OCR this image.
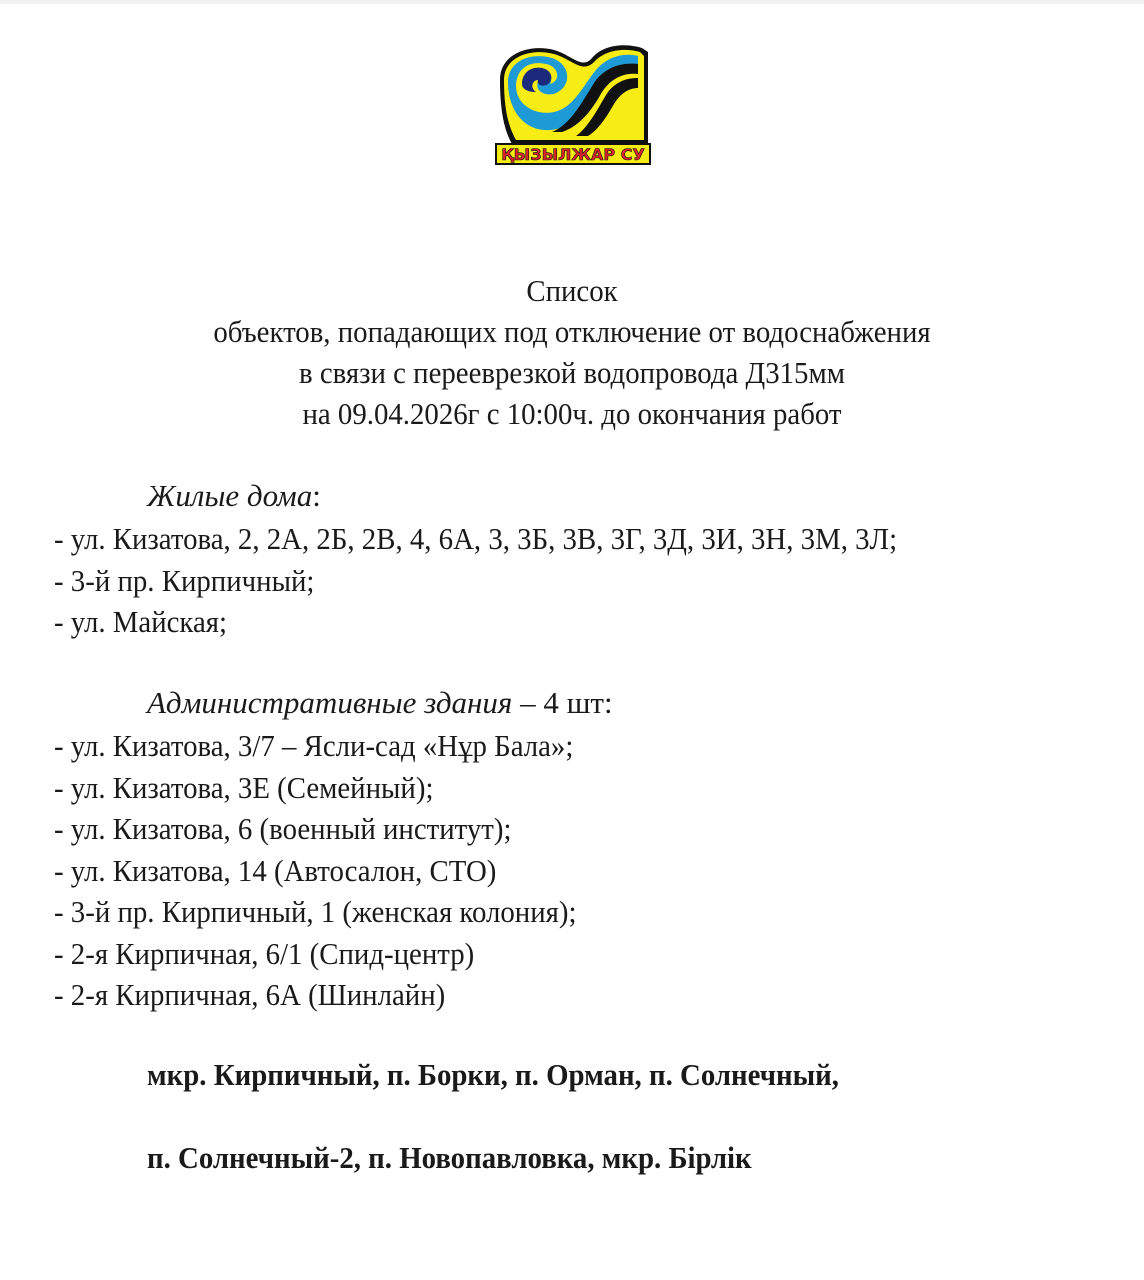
ҚЫЗЫЛЖАР СУ
Список
объектов, попадающих под отключение от водоснабжения
в связи с перееврезкой водопровода Д315мм
на 09.04.2026г с 10:00ч. до окончания работ
Жилые дома:
- ул. Кизатова, 2, 2А, 2Б, 2В, 4, 6А, 3, 3Б, 3В, 3Г, 3Д, 3И, 3Н, 3М, 3Л;
- 3-й пр. Кирпичный;
- ул. Майская;
Административные здания – 4 шт:
- ул. Кизатова, 3/7 – Ясли-сад «Нұр Бала»;
- ул. Кизатова, 3Е (Семейный);
- ул. Кизатова, 6 (военный институт);
- ул. Кизатова, 14 (Автосалон, СТО)
- 3-й пр. Кирпичный, 1 (женская колония);
- 2-я Кирпичная, 6/1 (Спид-центр)
- 2-я Кирпичная, 6А (Шинлайн)
мкр. Кирпичный, п. Борки, п. Орман, п. Солнечный,
п. Солнечный-2, п. Новопавловка, мкр. Бірлік
